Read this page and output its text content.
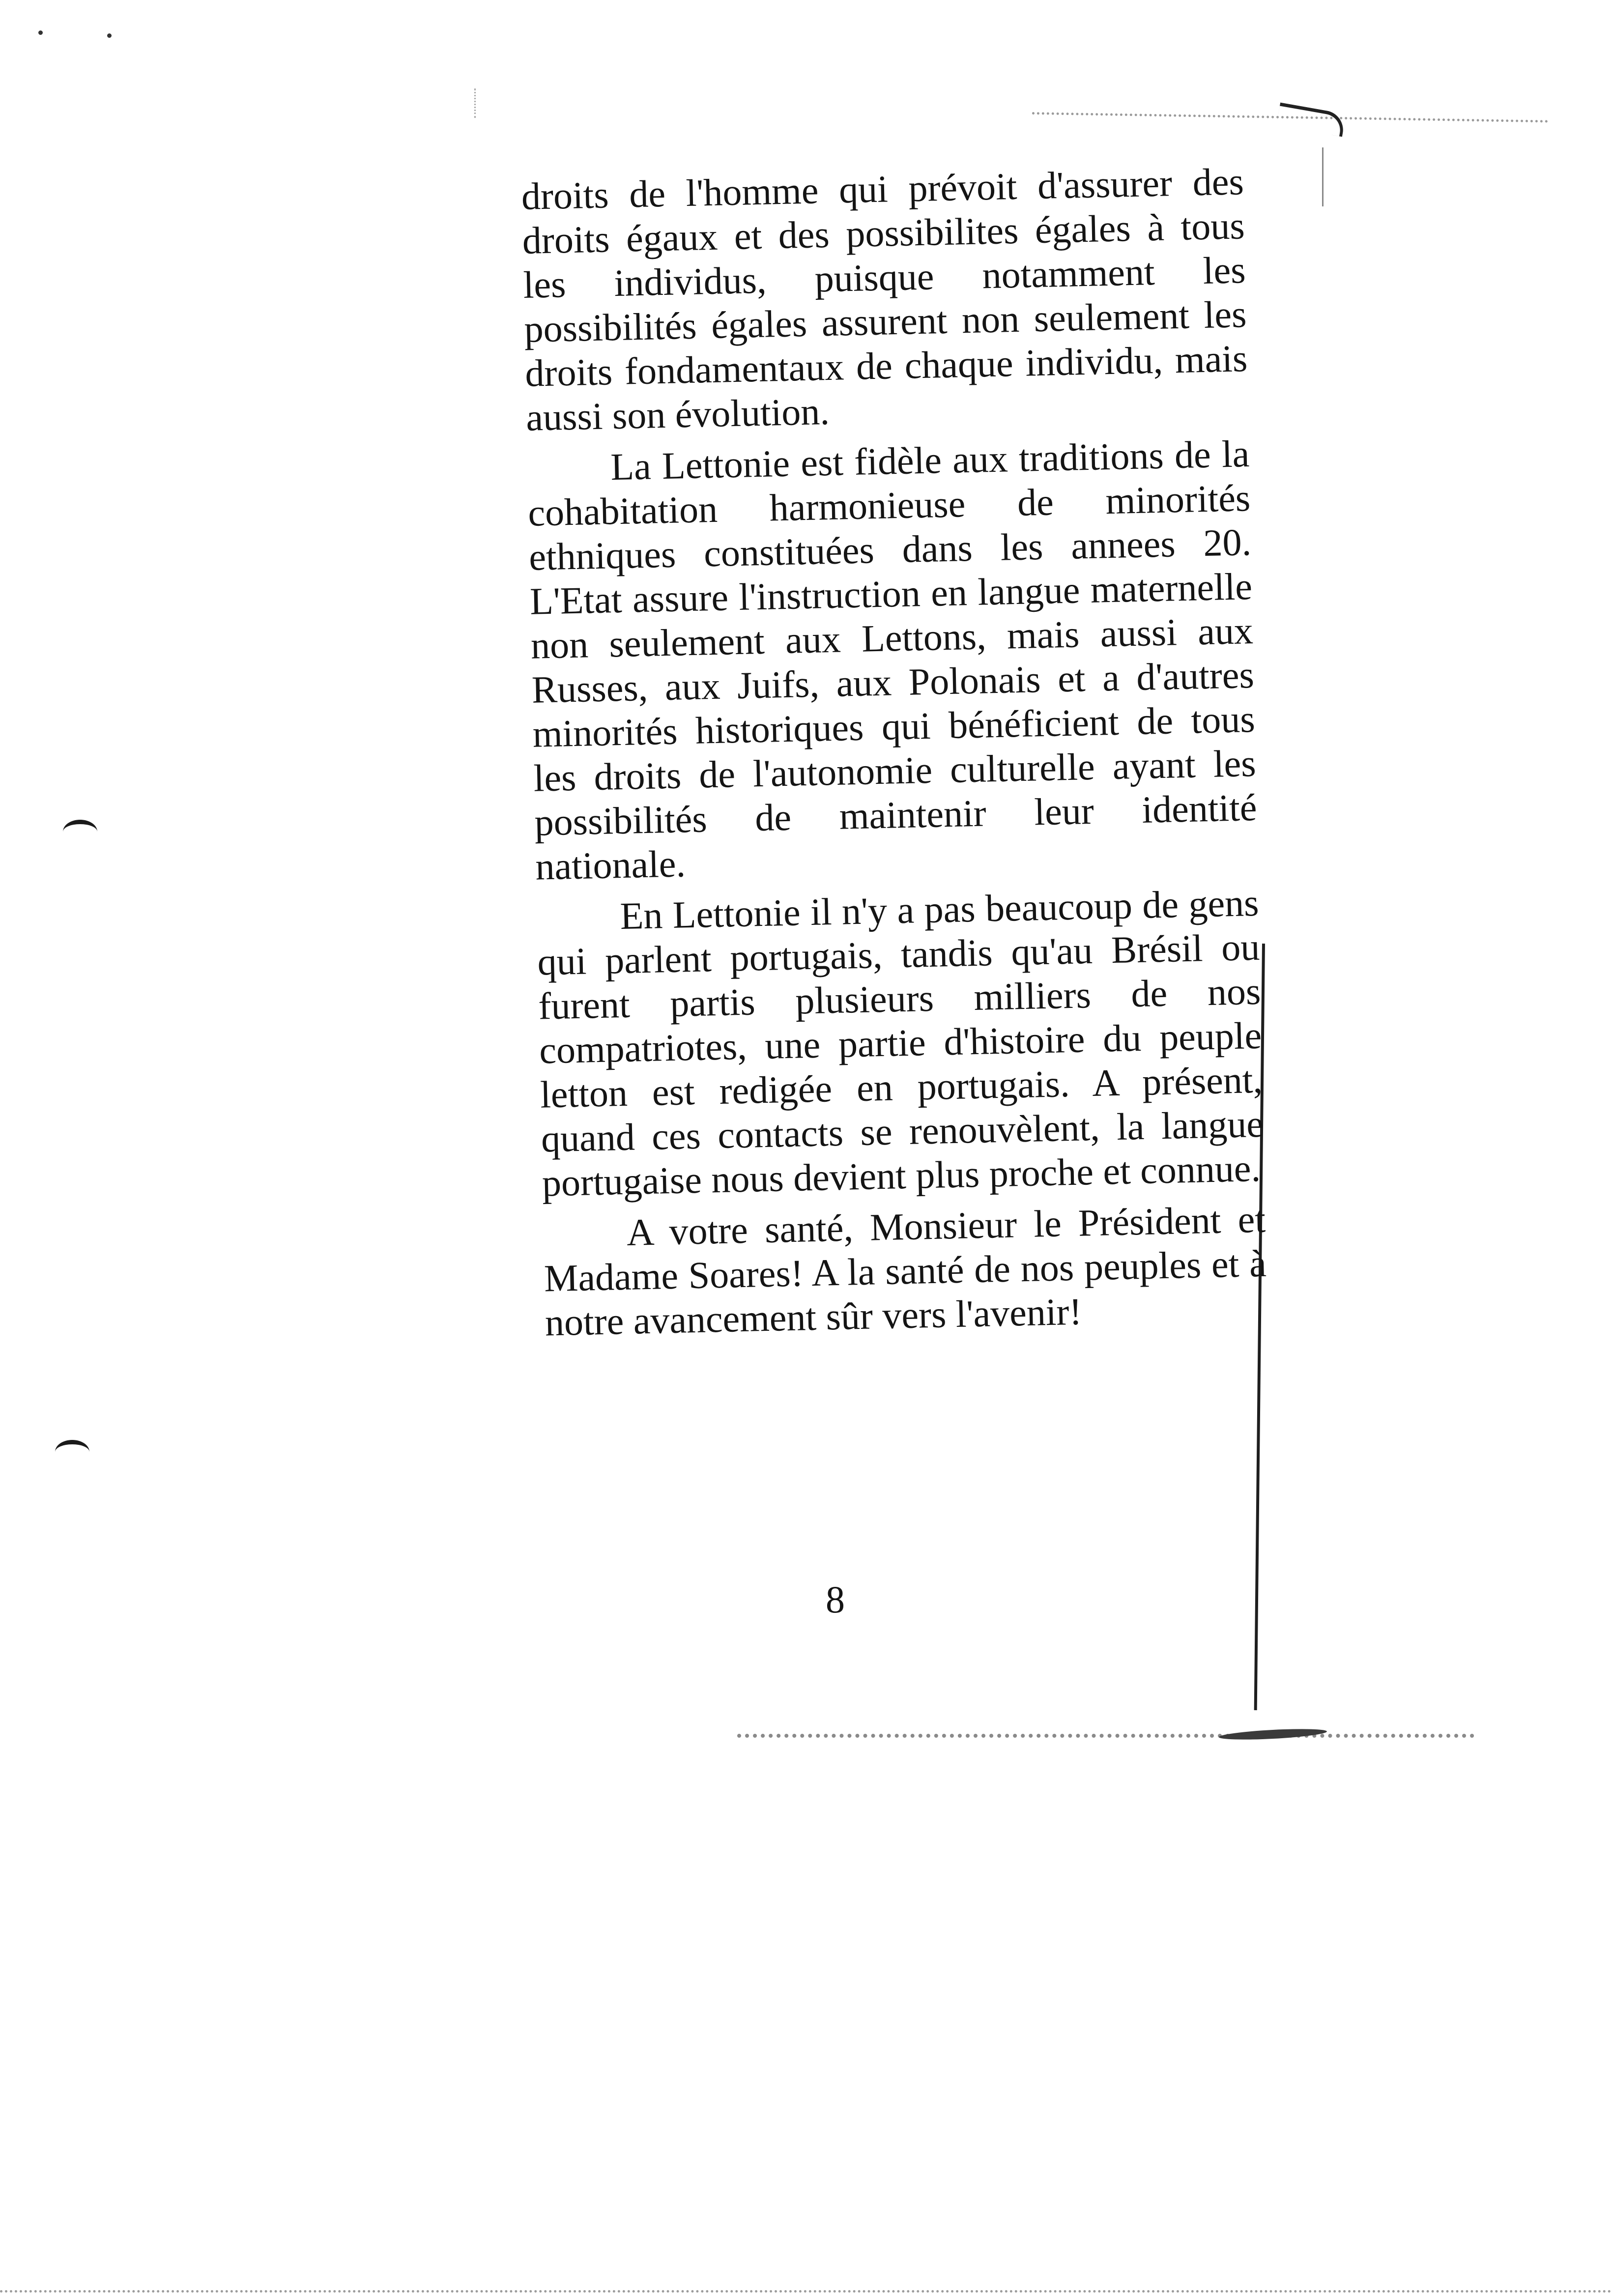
droits de l'homme qui prévoit d'assurer des droits égaux et des possibilites égales à tous les individus, puisque notamment les possibilités égales assurent non seulement les droits fondamentaux de chaque individu, mais aussi son évolution.

La Lettonie est fidèle aux traditions de la cohabitation harmonieuse de minorités ethniques constituées dans les annees 20. L'Etat assure l'instruction en langue maternelle non seulement aux Lettons, mais aussi aux Russes, aux Juifs, aux Polonais et a d'autres minorités historiques qui bénéficient de tous les droits de l'autonomie culturelle ayant les possibilités de maintenir leur identité nationale.

En Lettonie il n'y a pas beaucoup de gens qui parlent portugais, tandis qu'au Brésil ou furent partis plusieurs milliers de nos compatriotes, une partie d'histoire du peuple letton est redigée en portugais. A présent, quand ces contacts se renouvèlent, la langue portugaise nous devient plus proche et connue.

A votre santé, Monsieur le Président et Madame Soares! A la santé de nos peuples et à notre avancement sûr vers l'avenir!

8
